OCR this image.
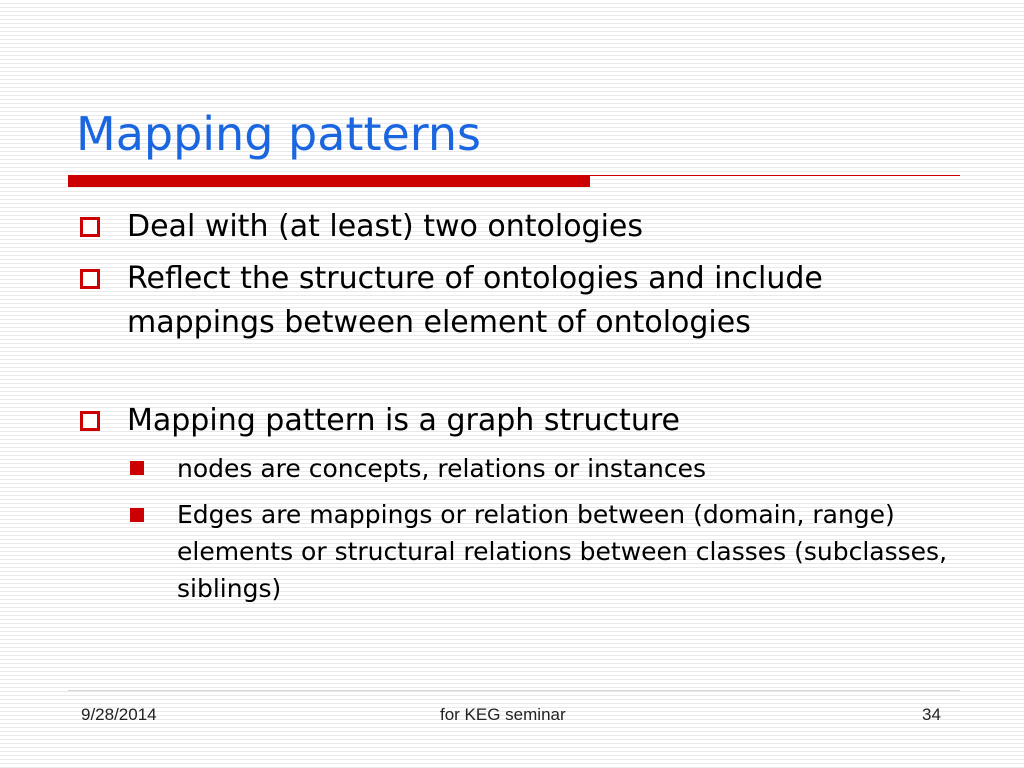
Mapping patterns
Deal with (at least) two ontologies
Reflect the structure of ontologies and include mappings between element of ontologies
Mapping pattern is a graph structure
nodes are concepts, relations or instances
Edges are mappings or relation between (domain, range) elements or structural relations between classes (subclasses, siblings)
9/28/2014	for KEG seminar	34
